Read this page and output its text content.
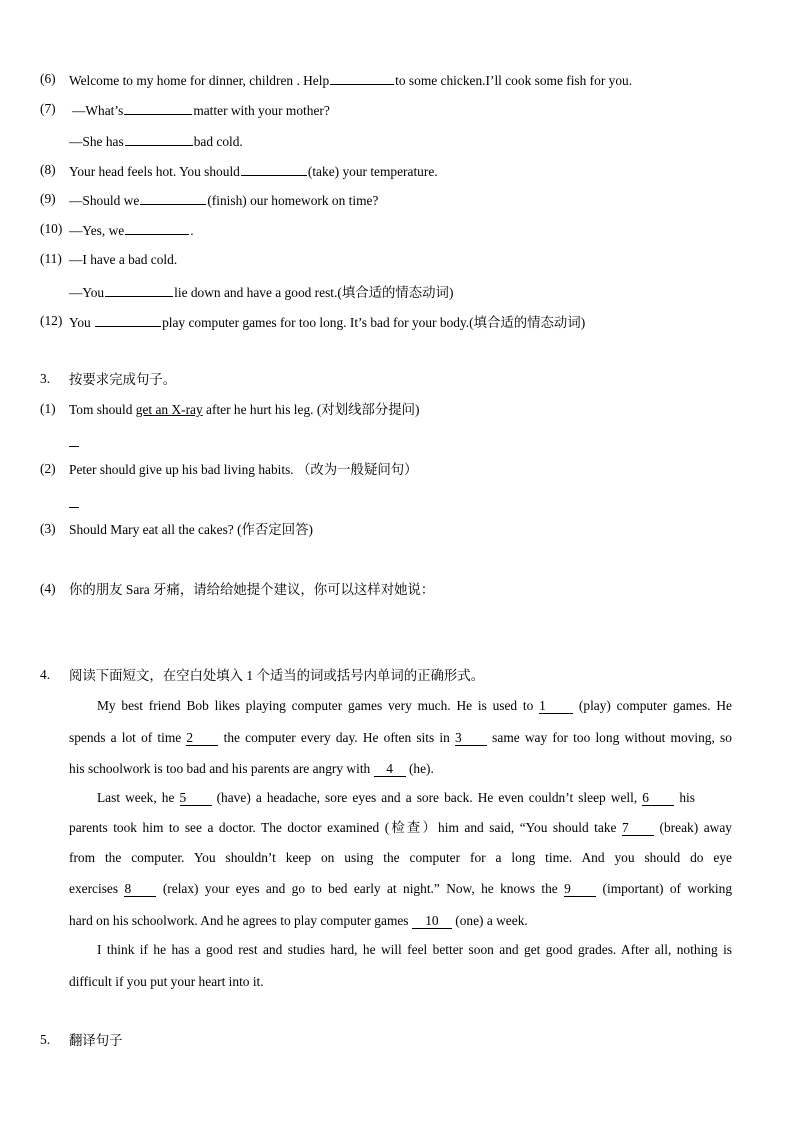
(6) Welcome to my home for dinner, children . Help	to some chicken.I’ll cook some fish for you.
(7) —What’s	matter with your mother?
—She has	bad cold.
(8) Your head feels hot. You should	(take) your temperature.
(9) —Should we	(finish) our homework on time?
(10) —Yes, we	.
(11) —I have a bad cold.
—You	lie down and have a good rest.(填合适的情态动词)
(12) You	play computer games for too long. It’s bad for your body.(填合适的情态动词)
3. 按要求完成句子。
(1) Tom should get an X-ray after he hurt his leg. (对划线部分提问)
(2) Peter should give up his bad living habits. （改为一般疑问句）
(3) Should Mary eat all the cakes? (作否定回答)
(4) 你的朋友 Sara 牙痛，请给给她提个建议，你可以这样对她说：
4. 阅读下面短文，在空白处填入 1 个适当的词或括号内单词的正确形式。
My best friend Bob likes playing computer games very much. He is used to 1 (play) computer games. He
spends a lot of time 2 the computer every day. He often sits in 3 same way for too long without moving, so
his schoolwork is too bad and his parents are angry with 4 (he).
Last week, he 5 (have) a headache, sore eyes and a sore back. He even couldn’t sleep well, 6 his
parents took him to see a doctor. The doctor examined (检查）him and said, “You should take 7 (break) away
from the computer. You shouldn’t keep on using the computer for a long time. And you should do eye
exercises 8 (relax) your eyes and go to bed early at night.” Now, he knows the 9 (important) of working
hard on his schoolwork. And he agrees to play computer games 10 (one) a week.
I think if he has a good rest and studies hard, he will feel better soon and get good grades. After all, nothing is
difficult if you put your heart into it.
5. 翻译句子
